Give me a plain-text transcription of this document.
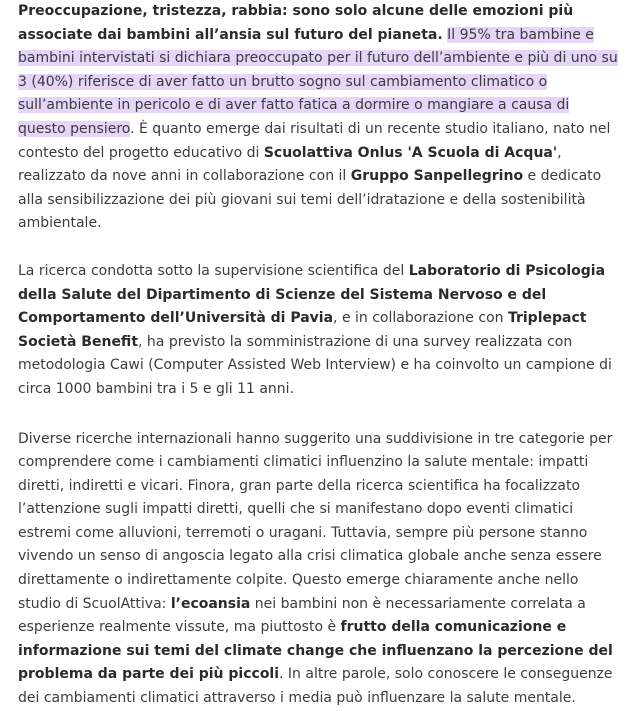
Preoccupazione, tristezza, rabbia: sono solo alcune delle emozioni più associate dai bambini all’ansia sul futuro del pianeta. Il 95% tra bambine e bambini intervistati si dichiara preoccupato per il futuro dell’ambiente e più di uno su 3 (40%) riferisce di aver fatto un brutto sogno sul cambiamento climatico o sull’ambiente in pericolo e di aver fatto fatica a dormire o mangiare a causa di questo pensiero. È quanto emerge dai risultati di un recente studio italiano, nato nel contesto del progetto educativo di Scuolattiva Onlus 'A Scuola di Acqua', realizzato da nove anni in collaborazione con il Gruppo Sanpellegrino e dedicato alla sensibilizzazione dei più giovani sui temi dell’idratazione e della sostenibilità ambientale.

La ricerca condotta sotto la supervisione scientifica del Laboratorio di Psicologia della Salute del Dipartimento di Scienze del Sistema Nervoso e del Comportamento dell’Università di Pavia, e in collaborazione con Triplepact Società Benefit, ha previsto la somministrazione di una survey realizzata con metodologia Cawi (Computer Assisted Web Interview) e ha coinvolto un campione di circa 1000 bambini tra i 5 e gli 11 anni.

Diverse ricerche internazionali hanno suggerito una suddivisione in tre categorie per comprendere come i cambiamenti climatici influenzino la salute mentale: impatti diretti, indiretti e vicari. Finora, gran parte della ricerca scientifica ha focalizzato l’attenzione sugli impatti diretti, quelli che si manifestano dopo eventi climatici estremi come alluvioni, terremoti o uragani. Tuttavia, sempre più persone stanno vivendo un senso di angoscia legato alla crisi climatica globale anche senza essere direttamente o indirettamente colpite. Questo emerge chiaramente anche nello studio di ScuolAttiva: l’ecoansia nei bambini non è necessariamente correlata a esperienze realmente vissute, ma piuttosto è frutto della comunicazione e informazione sui temi del climate change che influenzano la percezione del problema da parte dei più piccoli. In altre parole, solo conoscere le conseguenze dei cambiamenti climatici attraverso i media può influenzare la salute mentale.
